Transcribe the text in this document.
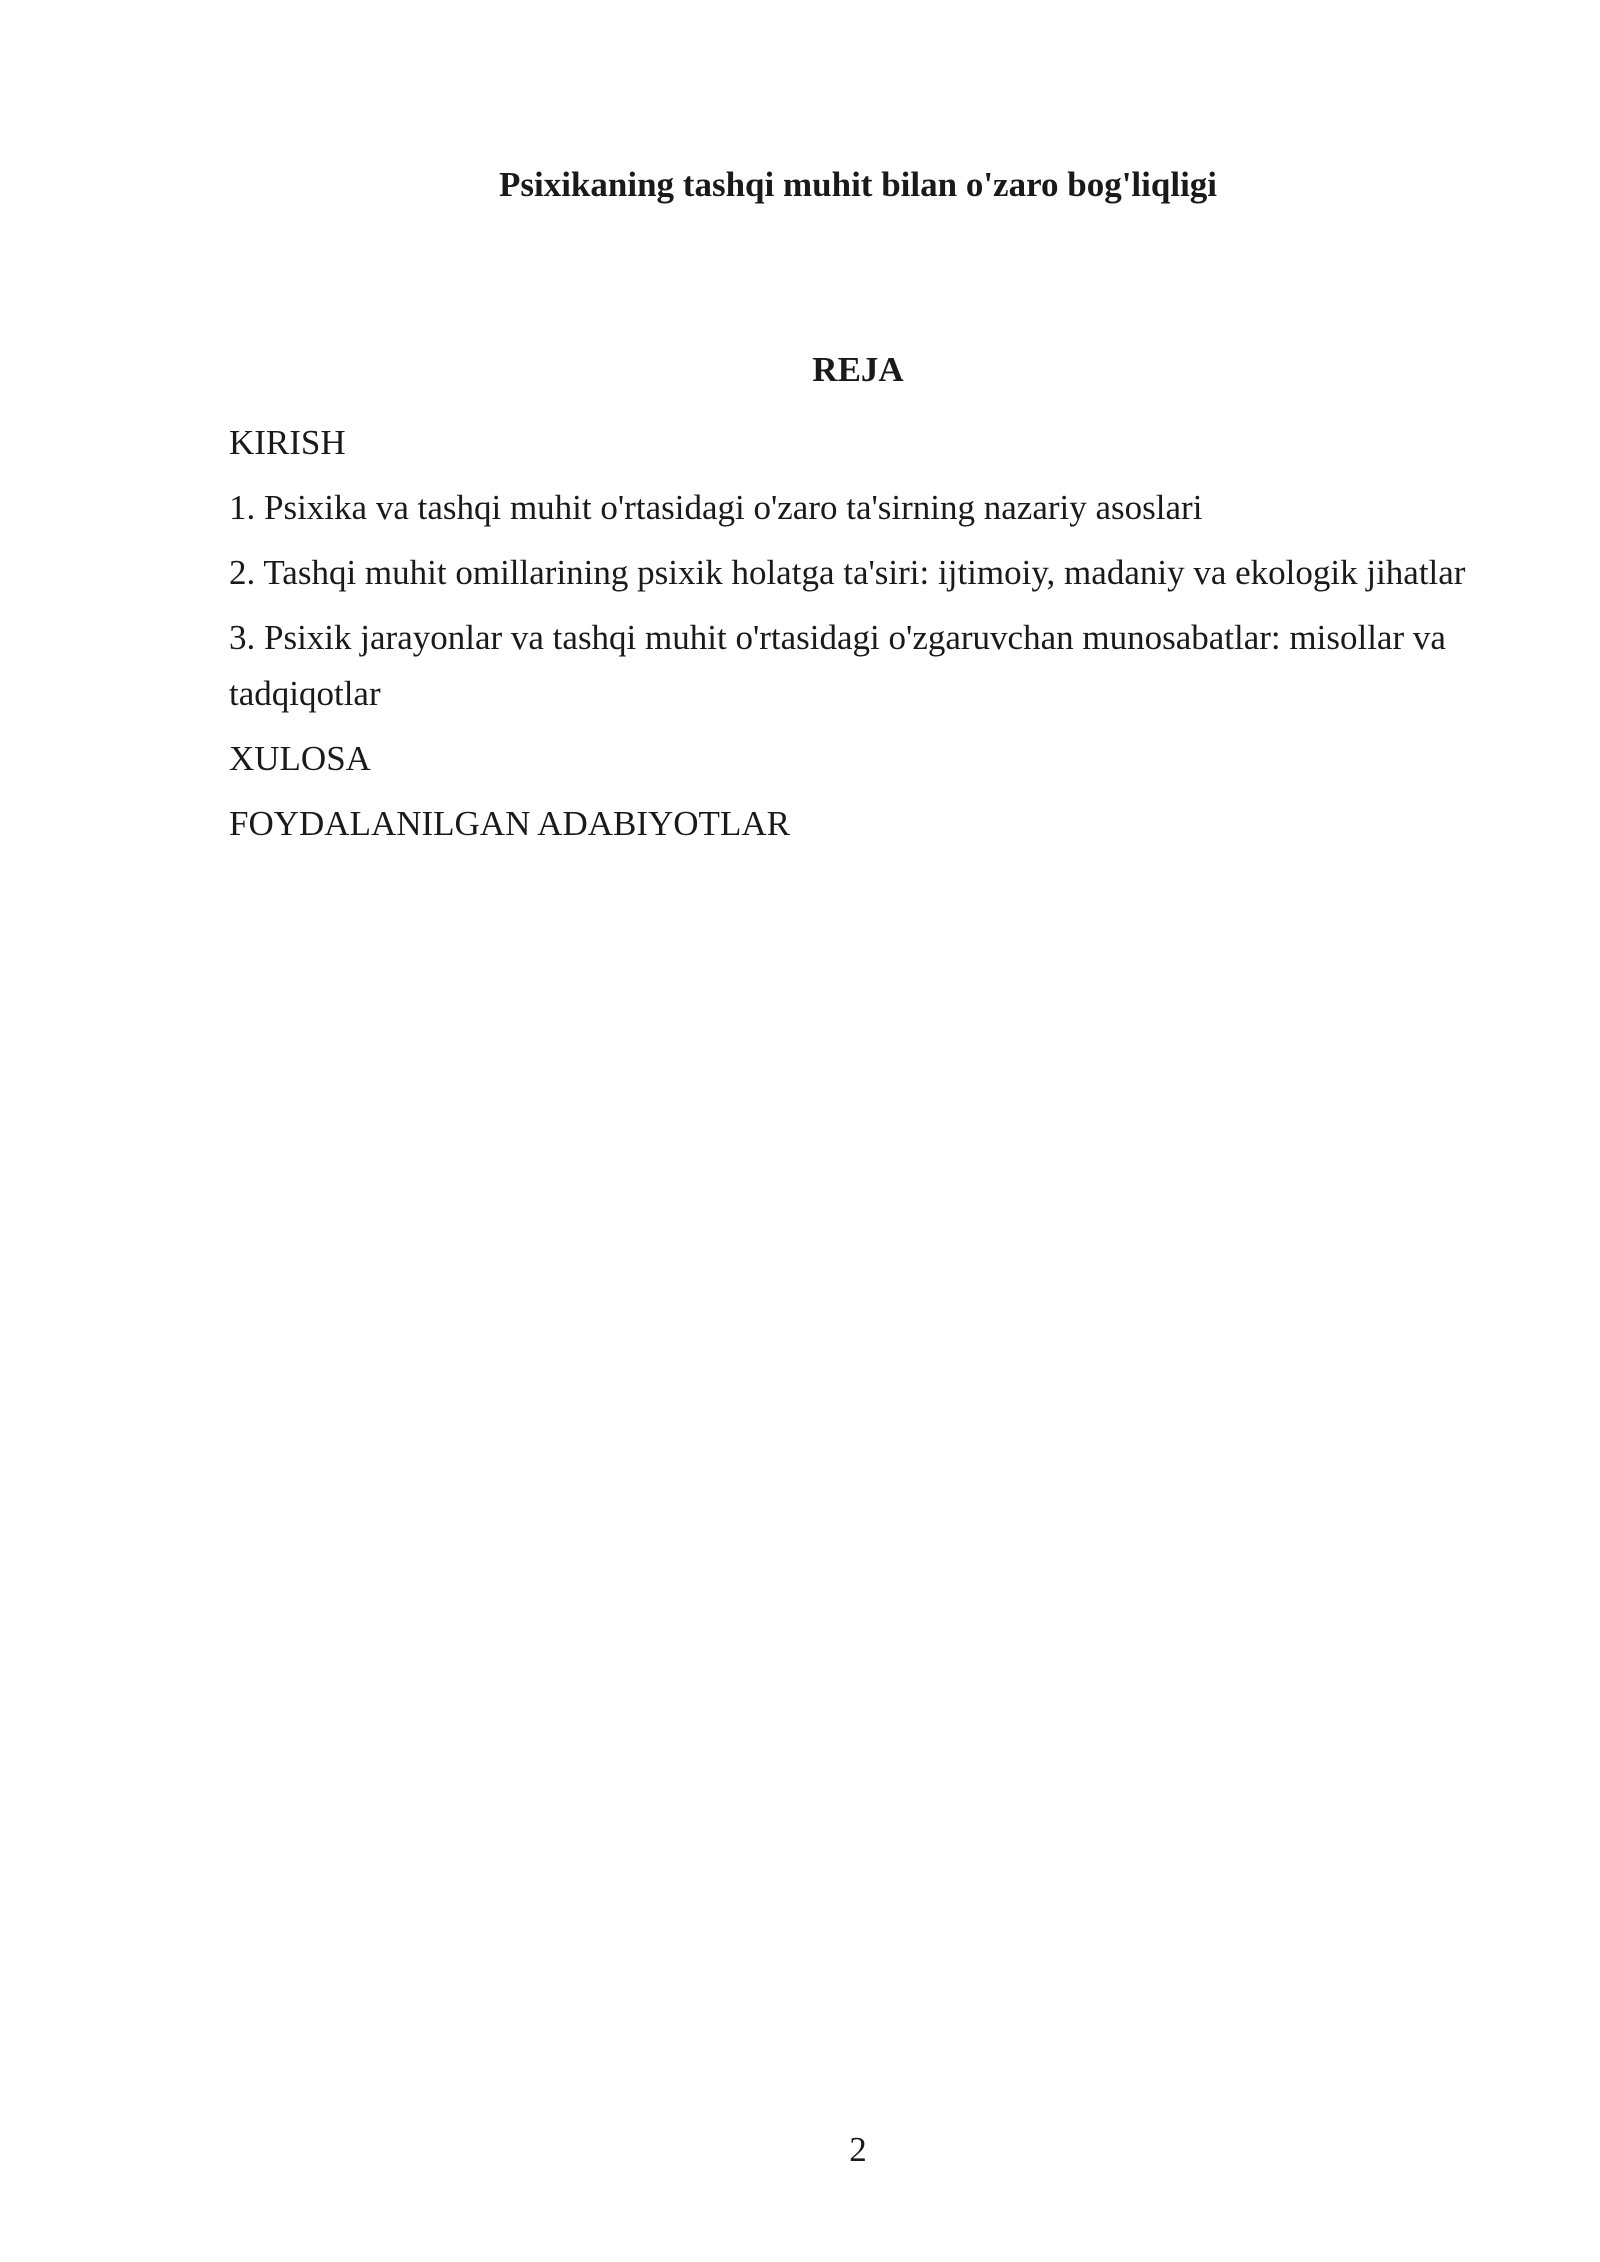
Psixikaning tashqi muhit bilan o'zaro bog'liqligi
REJA
KIRISH
1. Psixika va tashqi muhit o'rtasidagi o'zaro ta'sirning nazariy asoslari
2. Tashqi muhit omillarining psixik holatga ta'siri: ijtimoiy, madaniy va ekologik jihatlar
3. Psixik jarayonlar va tashqi muhit o'rtasidagi o'zgaruvchan munosabatlar: misollar va tadqiqotlar
XULOSA
FOYDALANILGAN ADABIYOTLAR
2
